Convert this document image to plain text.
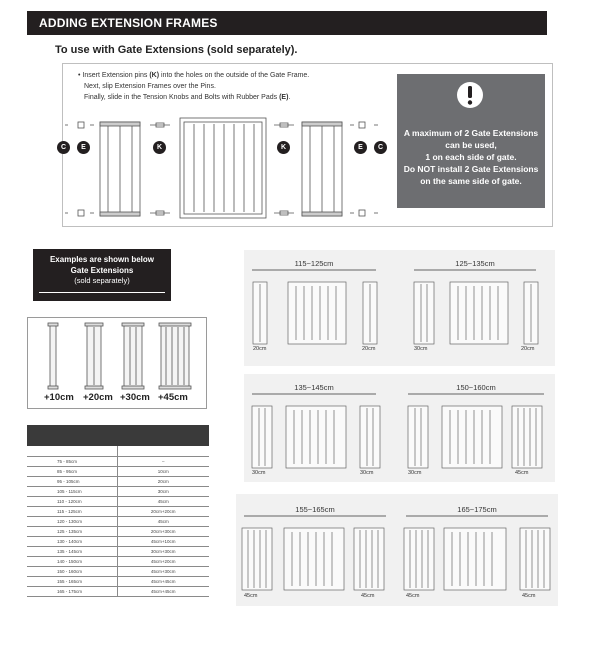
ADDING EXTENSION FRAMES
To use with Gate Extensions (sold separately).
• Insert Extension pins (K) into the holes on the outside of the Gate Frame.
Next, slip Extension Frames over the Pins.
Finally, slide in the Tension Knobs and Bolts with Rubber Pads (E).
C	E	K	K	E	C
A maximum of 2 Gate Extensions
can be used,
1 on each side of gate.
Do NOT install 2 Gate Extensions
on the same side of gate.
Examples are shown below
Gate Extensions
(sold separately)
+10cm +20cm +30cm +45cm

75 - 85cm	–
85 - 95cm	10cm
95 - 105cm	20cm
105 - 115cm	30cm
110 - 120cm	45cm
115 - 125cm	20cm+20cm
120 - 130cm	45cm
125 - 135cm	20cm+30cm
130 - 140cm	45cm+10cm
135 - 145cm	30cm+30cm
140 - 150cm	45cm+20cm
150 - 160cm	45cm+30cm
155 - 165cm	45cm+45cm
165 - 175cm	45cm+45cm
115~125cm
20cm	20cm
125~135cm
30cm	20cm
135~145cm
30cm	30cm
150~160cm
30cm	45cm
155~165cm
45cm	45cm
165~175cm
45cm	45cm
